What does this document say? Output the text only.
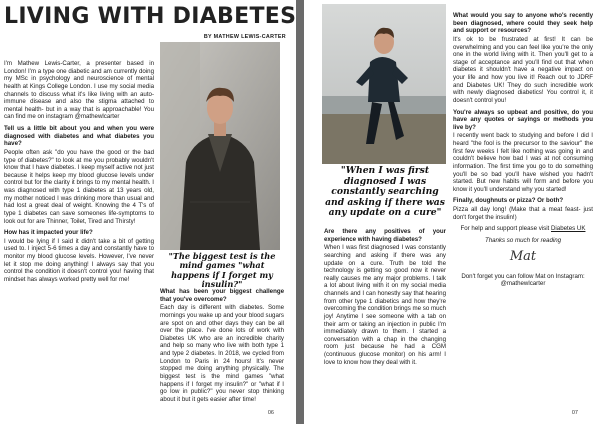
LIVING WITH DIABETES
BY MATHEW LEWIS-CARTER

I'm Mathew Lewis-Carter, a presenter based in London! I'm a type one diabetic and am currently doing my MSc in psychology and neuroscience of mental health at Kings College London. I use my social media channels to discuss what it's like living with an auto-immune disease and also the stigma attached to mental health- but in a way that is approachable! You can find me on instagram @mathewlcarter

Tell us a little bit about you and when you were diagnosed with diabetes and what diabetes you have?

People often ask "do you have the good or the bad type of diabetes?" to look at me you probably wouldn't know that I have diabetes. I keep myself active not just because it helps keep my blood glucose levels under control but for the clarity it brings to my mental health. I was diagnosed with type 1 diabetes at 13 years old, my mother noticed I was drinking more than usual and had lost a great deal of weight. Knowing the 4 T's of type 1 diabetes can save someones life-symptoms to look out for are Thinner, Toilet, Tired and Thirsty!

How has it impacted your life?

I would be lying if I said it didn't take a bit of getting used to. I inject 5-6 times a day and constantly have to monitor my blood glucose levels. However, I've never let it stop me doing anything! I always say that you control the condition it doesn't control you! having that mindset has always worked pretty well for me!

"The biggest test is the mind games "what happens if I forget my insulin?"

What has been your biggest challenge that you've overcome?

Each day is different with diabetes. Some mornings you wake up and your blood sugars are spot on and other days they can be all over the place. I've done lots of work with Diabetes UK who are an incredible charity and help so many who live with both type 1 and type 2 diabetes. In 2018, we cycled from London to Paris in 24 hours! It's never stopped me doing anything physically. The biggest test is the mind games "what happens if I forget my insulin?" or "what if I go low in public?" you never stop thinking about it but it gets easier after time!

06
"When I was first diagnosed I was constantly searching and asking if there was any update on a cure"

Are there any positives of your experience with having diabetes?

When I was first diagnosed I was constantly searching and asking if there was any update on a cure. Truth be told the technology is getting so good now it never really causes me any major problems. I talk a lot about living with it on my social media channels and I can honestly say that hearing from other type 1 diabetics and how they're overcoming the condition brings me so much joy! Anytime I see someone with a tab on their arm or taking an injection in public I'm immediately drawn to them. I started a conversation with a chap in the changing room just because he had a CGM (continuous glucose monitor) on his arm! I love to know how they deal with it.

What would you say to anyone who's recently been diagnosed, where could they seek help and support or resources?

It's ok to be frustrated at first! It can be overwhelming and you can feel like you're the only one in the world living with it. Then you'll get to a stage of acceptance and you'll find out that when diabetes it shouldn't have a negative impact on your life and how you live it! Reach out to JDRF and Diabetes UK! They do such incredible work with newly diagnosed diabetics! You control it, it doesn't control you!

You're always so upbeat and positive, do you have any quotes or sayings or methods you live by?

I recently went back to studying and before I did I heard "the fool is the precursor to the saviour" the first few weeks I felt like nothing was going in and couldn't believe how bad I was at not consuming information. The first time you go to do something you'll be so bad you'll have wished you hadn't started. But new habits will form and before you know it you'll understand why you started!

Finally, doughnuts or pizza? Or both?

Pizza all day long! (Make that a meat feast- just don't forget the insulin!)

For help and support please visit Diabetes UK

Thanks so much for reading

Mat

Don't forget you can follow Mat on Instagram: @mathewlcarter

07
